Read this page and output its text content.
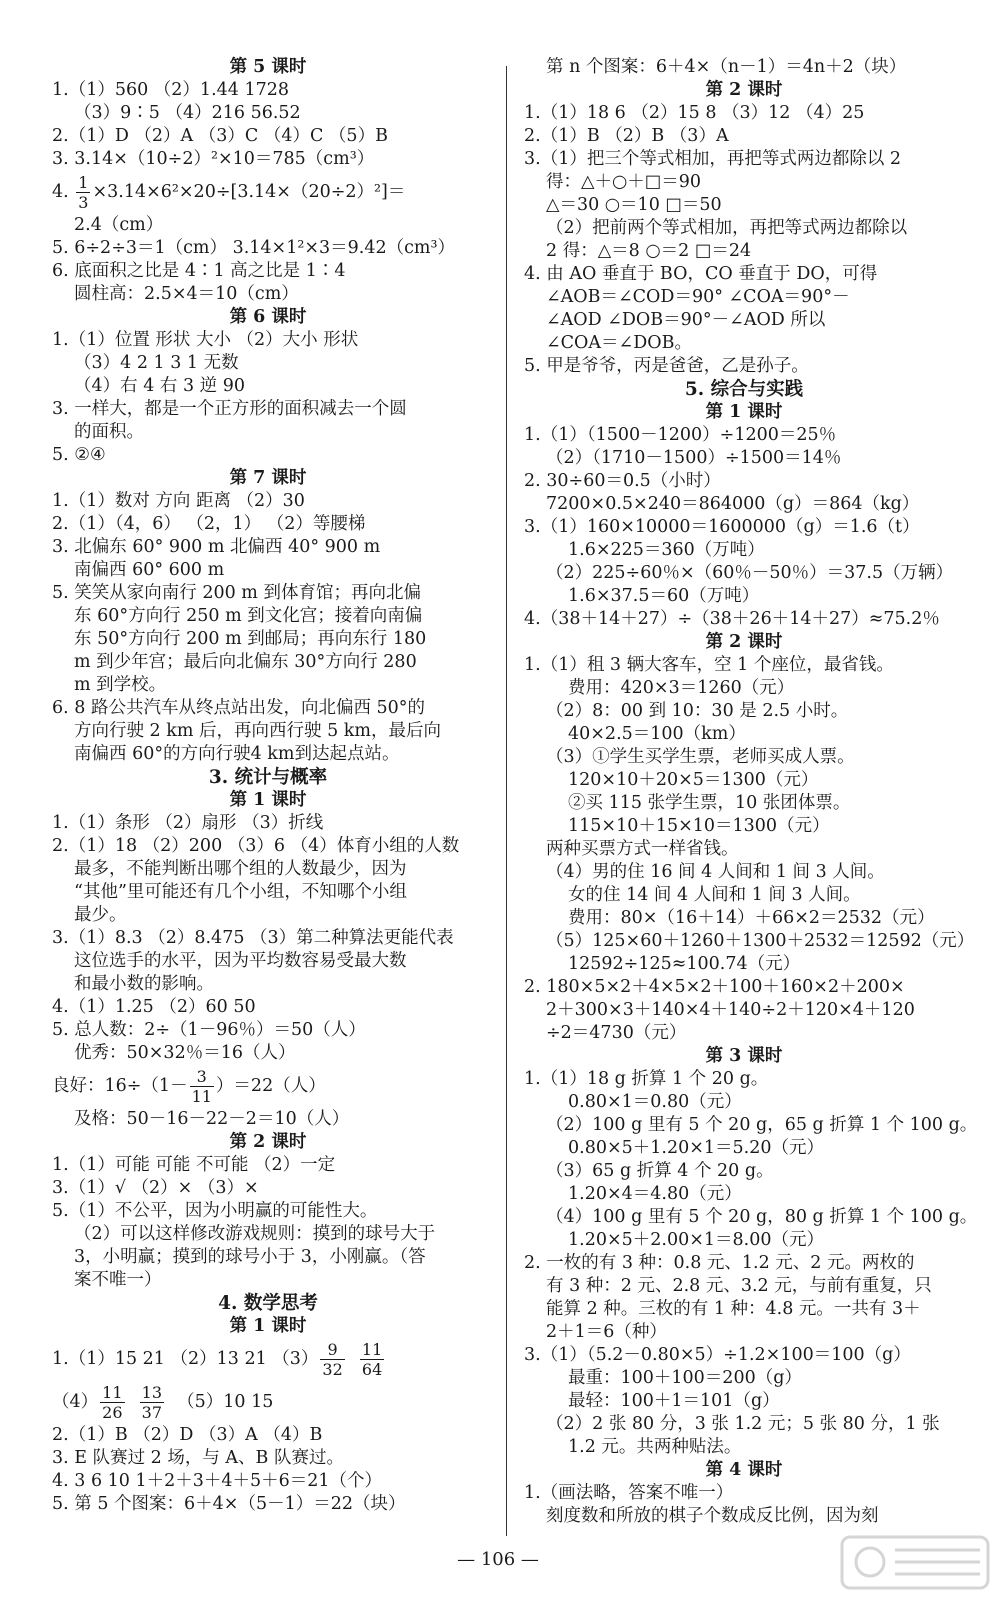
第 5 课时
1.（1）560 （2）1.44 1728
（3）9∶5 （4）216 56.52
2.（1）D （2）A （3）C （4）C （5）B
3. 3.14×（10÷2）²×10＝785（cm³）
4. $\frac{1}{3} \times 3.14\times 6^2\times 20\div[3.14\times(20\div 2)^2]=$
2.4（cm）
5. 6÷2÷3＝1（cm） 3.14×1²×3＝9.42（cm³）
6. 底面积之比是 4∶1 高之比是 1∶4
圆柱高：2.5×4＝10（cm）
第 6 课时
1.（1）位置 形状 大小 （2）大小 形状
（3）4 2 1 3 1 无数
（4）右 4 右 3 逆 90
3. 一样大，都是一个正方形的面积减去一个圆
的面积。
5. ②④
第 7 课时
1.（1）数对 方向 距离 （2）30
2.（1）（4，6） （2，1） （2）等腰梯
3. 北偏东 60° 900 m 北偏西 40° 900 m
南偏西 60° 600 m
5. 笑笑从家向南行 200 m 到体育馆；再向北偏
东 60°方向行 250 m 到文化宫；接着向南偏
东 50°方向行 200 m 到邮局；再向东行 180
m 到少年宫；最后向北偏东 30°方向行 280
m 到学校。
6. 8 路公共汽车从终点站出发，向北偏西 50°的
方向行驶 2 km 后，再向西行驶 5 km，最后向
南偏西 60°的方向行驶4 km到达起点站。
3. 统计与概率
第 1 课时
1.（1）条形 （2）扇形 （3）折线
2.（1）18 （2）200 （3）6 （4）体育小组的人数
最多，不能判断出哪个组的人数最少，因为
“其他”里可能还有几个小组，不知哪个小组
最少。
3.（1）8.3 （2）8.475 （3）第二种算法更能代表
这位选手的水平，因为平均数容易受最大数
和最小数的影响。
4.（1）1.25 （2）60 50
5. 总人数：2÷（1－96％）＝50（人）
优秀：50×32％＝16（人）
良好：$16\div(1- \frac{3}{11} )=22$（人）
及格：50－16－22－2＝10（人）
第 2 课时
1.（1）可能 可能 不可能 （2）一定
3.（1）√ （2）× （3）×
5.（1）不公平，因为小明赢的可能性大。
（2）可以这样修改游戏规则：摸到的球号大于
3，小明赢；摸到的球号小于 3，小刚赢。（答
案不唯一）
4. 数学思考
第 1 课时
1.（1）15 21 （2）13 21 $(3) \frac{9}{32}$
$\frac{11}{64}$
$(4) \frac{11}{26}$
$\frac{13}{37} (5)10$ 15
2.（1）B （2）D （3）A （4）B
3. E 队赛过 2 场，与 A、B 队赛过。
4. 3 6 10 1＋2＋3＋4＋5＋6＝21（个）
5. 第 5 个图案：6＋4×（5－1）＝22（块）
第 n 个图案：6＋4×（n－1）＝4n＋2（块）
第 2 课时
1.（1）18 6 （2）15 8 （3）12 （4）25
2.（1）B （2）B （3）A
3.（1）把三个等式相加，再把等式两边都除以 2
得：△＋○＋□＝90
△＝30 ○＝10 □＝50
（2）把前两个等式相加，再把等式两边都除以
2 得：△＝8 ○＝2 □＝24
4. 由 AO 垂直于 BO，CO 垂直于 DO，可得
∠AOB＝∠COD＝90° ∠COA＝90°－
∠AOD ∠DOB＝90°－∠AOD 所以
∠COA＝∠DOB。
5. 甲是爷爷，丙是爸爸，乙是孙子。
5. 综合与实践
第 1 课时
1.（1）（1500－1200）÷1200＝25％
（2）（1710－1500）÷1500＝14％
2. 30÷60＝0.5（小时）
7200×0.5×240＝864000（g）＝864（kg）
3.（1）160×10000＝1600000（g）＝1.6（t）
1.6×225＝360（万吨）
（2）225÷60％×（60％－50％）＝37.5（万辆）
1.6×37.5＝60（万吨）
4.（38＋14＋27）÷（38＋26＋14＋27）≈75.2％
第 2 课时
1.（1）租 3 辆大客车，空 1 个座位，最省钱。
费用：420×3＝1260（元）
（2）8：00 到 10：30 是 2.5 小时。
40×2.5＝100（km）
（3）①学生买学生票，老师买成人票。
120×10＋20×5＝1300（元）
②买 115 张学生票，10 张团体票。
115×10＋15×10＝1300（元）
两种买票方式一样省钱。
（4）男的住 16 间 4 人间和 1 间 3 人间。
女的住 14 间 4 人间和 1 间 3 人间。
费用：80×（16＋14）＋66×2＝2532（元）
（5）125×60＋1260＋1300＋2532＝12592（元）
12592÷125≈100.74（元）
2. 180×5×2＋4×5×2＋100＋160×2＋200×
2＋300×3＋140×4＋140÷2＋120×4＋120
÷2＝4730（元）
第 3 课时
1.（1）18 g 折算 1 个 20 g。
0.80×1＝0.80（元）
（2）100 g 里有 5 个 20 g，65 g 折算 1 个 100 g。
0.80×5＋1.20×1＝5.20（元）
（3）65 g 折算 4 个 20 g。
1.20×4＝4.80（元）
（4）100 g 里有 5 个 20 g，80 g 折算 1 个 100 g。
1.20×5＋2.00×1＝8.00（元）
2. 一枚的有 3 种：0.8 元、1.2 元、2 元。两枚的
有 3 种：2 元、2.8 元、3.2 元，与前有重复，只
能算 2 种。三枚的有 1 种：4.8 元。一共有 3＋
2＋1＝6（种）
3.（1）（5.2－0.80×5）÷1.2×100＝100（g）
最重：100＋100＝200（g）
最轻：100＋1＝101（g）
（2）2 张 80 分，3 张 1.2 元；5 张 80 分，1 张
1.2 元。共两种贴法。
第 4 课时
1.（画法略，答案不唯一）
刻度数和所放的棋子个数成反比例，因为刻
— 106 —
